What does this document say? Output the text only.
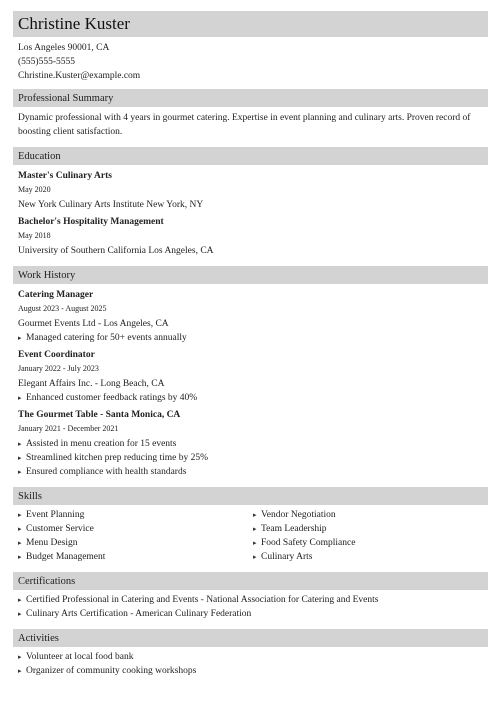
Christine Kuster
Los Angeles 90001, CA
(555)555-5555
Christine.Kuster@example.com
Professional Summary
Dynamic professional with 4 years in gourmet catering. Expertise in event planning and culinary arts. Proven record of boosting client satisfaction.
Education
Master's Culinary Arts
May 2020
New York Culinary Arts Institute New York, NY
Bachelor's Hospitality Management
May 2018
University of Southern California Los Angeles, CA
Work History
Catering Manager
August 2023 - August 2025
Gourmet Events Ltd - Los Angeles, CA
▸ Managed catering for 50+ events annually
Event Coordinator
January 2022 - July 2023
Elegant Affairs Inc. - Long Beach, CA
▸ Enhanced customer feedback ratings by 40%
The Gourmet Table - Santa Monica, CA
January 2021 - December 2021
▸ Assisted in menu creation for 15 events
▸ Streamlined kitchen prep reducing time by 25%
▸ Ensured compliance with health standards
Skills
▸ Event Planning
▸ Customer Service
▸ Menu Design
▸ Budget Management
▸ Vendor Negotiation
▸ Team Leadership
▸ Food Safety Compliance
▸ Culinary Arts
Certifications
▸ Certified Professional in Catering and Events - National Association for Catering and Events
▸ Culinary Arts Certification - American Culinary Federation
Activities
▸ Volunteer at local food bank
▸ Organizer of community cooking workshops
